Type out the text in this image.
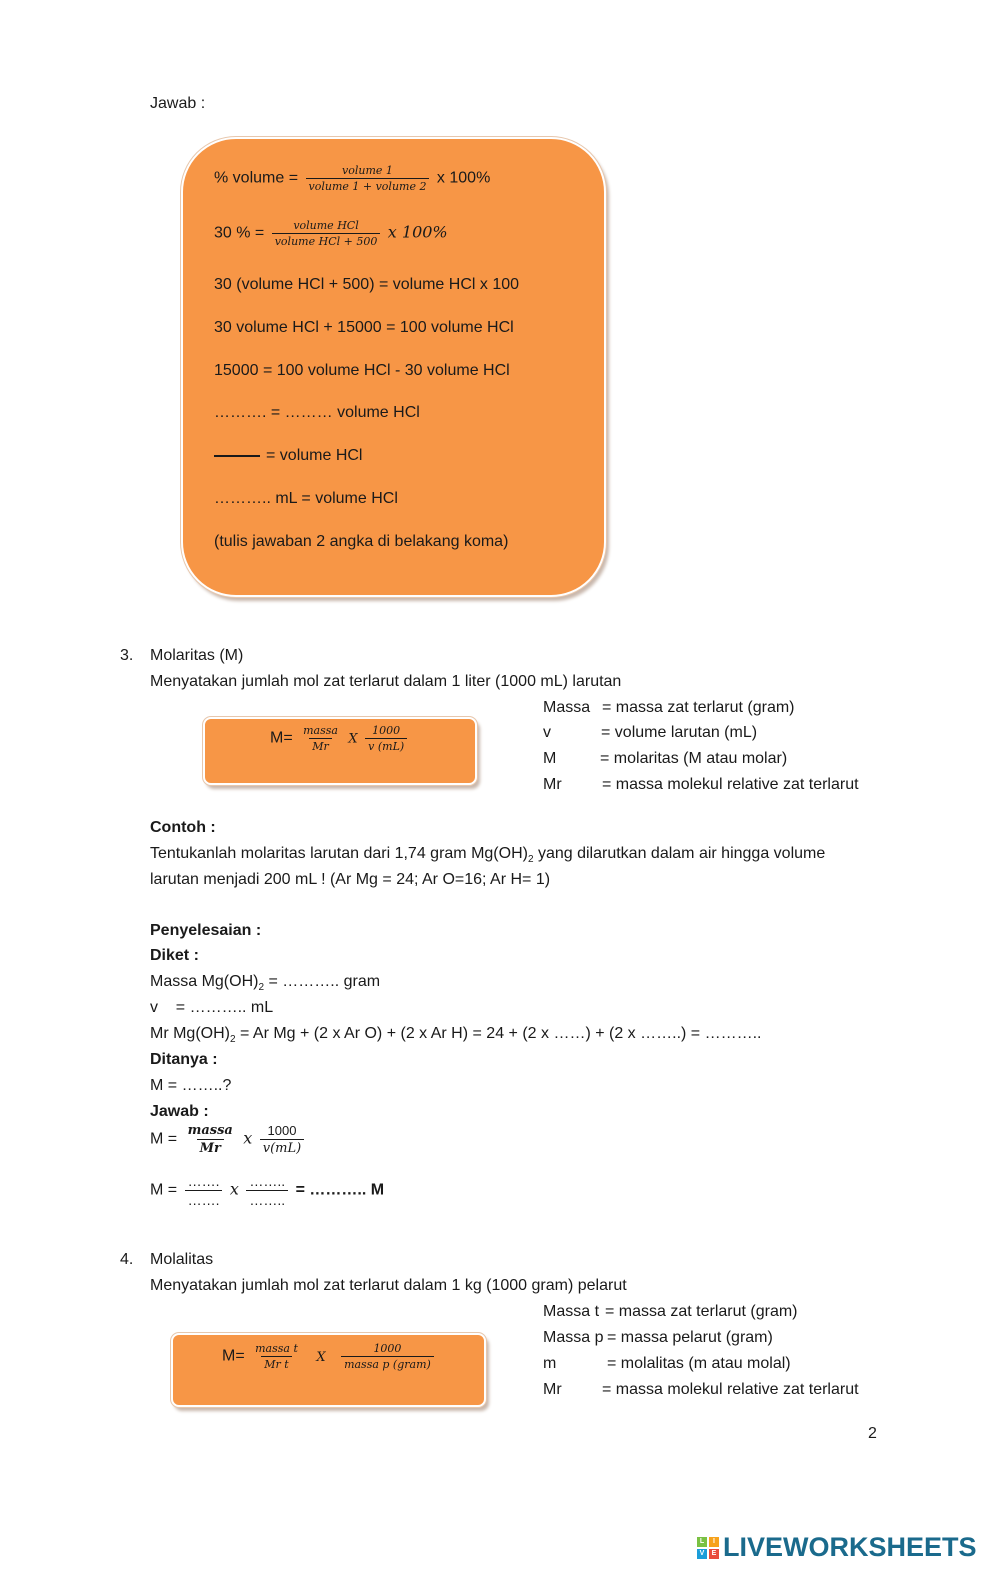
Jawab :
% volume = $\frac{\text{volume 1}}{\text{volume 1 + volume 2}}$ x 100%
30 % = $\frac{\text{volume HCl}}{\text{volume HCl + 500}}$ x 100%
30 (volume HCl + 500) = volume HCl x 100
30 volume HCl + 15000 = 100 volume HCl
15000 = 100 volume HCl - 30 volume HCl
………. = ……… volume HCl
= volume HCl
……….. mL = volume HCl
(tulis jawaban 2 angka di belakang koma)
3. Molaritas (M)
Menyatakan jumlah mol zat terlarut dalam 1 liter (1000 mL) larutan
$M= \frac{\text{massa}}{Mr}$ X $\frac{1000}{v (mL)}$
Massa = massa zat terlarut (gram)
v	= volume larutan (mL)
M	= molaritas (M atau molar)
Mr	= massa molekul relative zat terlarut
Contoh :
Tentukanlah molaritas larutan dari 1,74 gram $Mg(OH)_2$ yang dilarutkan dalam air hingga volume
larutan menjadi 200 mL ! (Ar Mg = 24; Ar O=16; Ar H= 1)
Penyelesaian :
Diket :
Massa $Mg(OH)_2$ = ……….. gram
v    = ……….. mL
Mr $Mg(OH)_2 = Ar$ Mg + (2 x Ar O) + (2 x Ar H) = 24 + (2 x ……) + (2 x ……..) = ………..
Ditanya :
M = ……..?
Jawab :
$M = \frac{\text{massa}}{Mr}$ x $\frac{1000}{v(mL)}$
$M = \frac{\dots\dots.}{\dots\dots.}$ x $\frac{\dots\dots..}{\dots\dots..}$ = ……….. M
4. Molalitas
Menyatakan jumlah mol zat terlarut dalam 1 kg (1000 gram) pelarut
$M= \frac{\text{massa t}}{\text{Mr t}}$ X $\frac{1000}{\text{massa p (gram)}}$
Massa t = massa zat terlarut (gram)
Massa p = massa pelarut (gram)
m	= molalitas (m atau molal)
Mr	= massa molekul relative zat terlarut
2
L	I
V	E LIVEWORKSHEETS
